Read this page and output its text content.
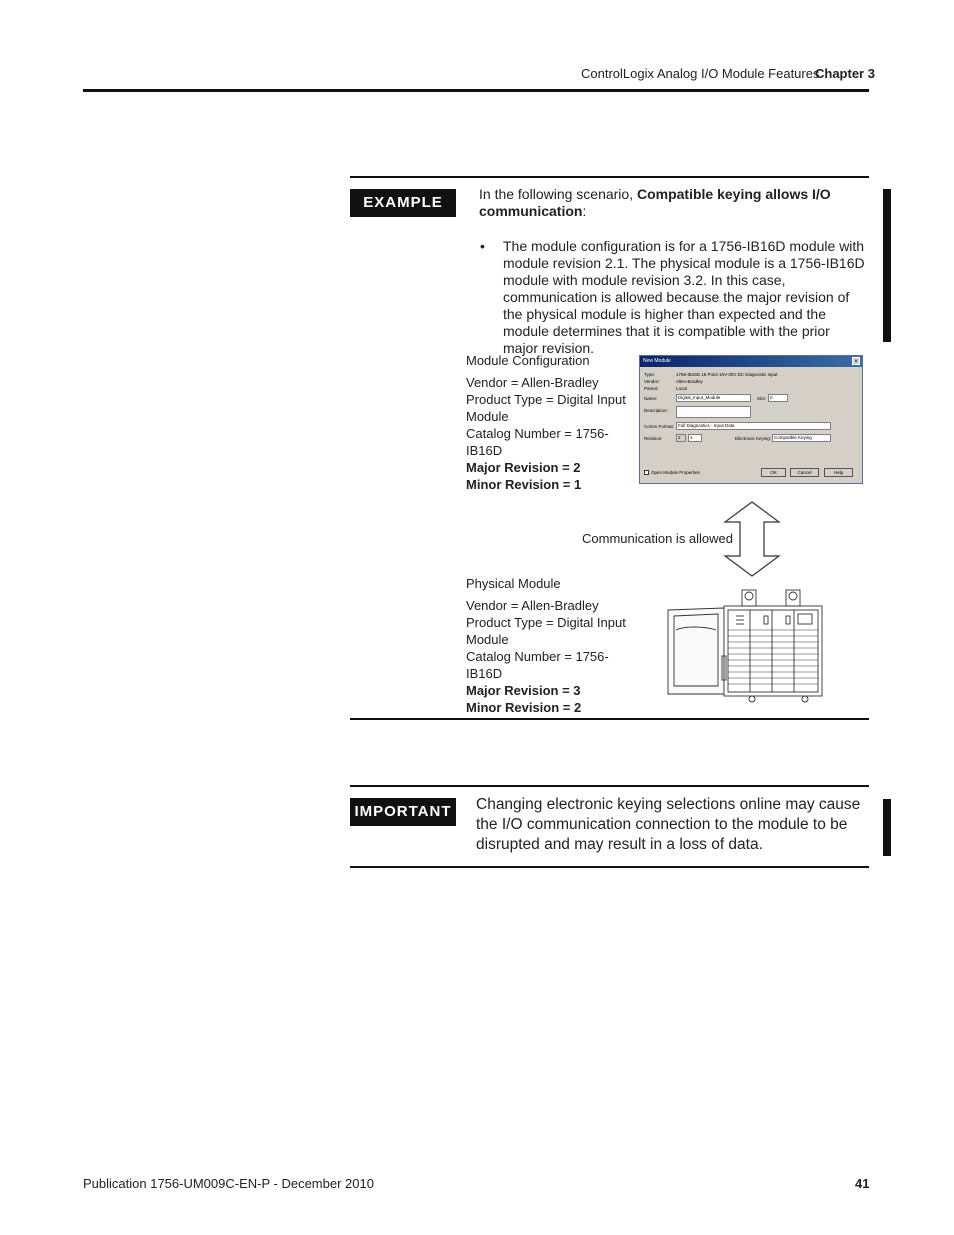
ControlLogix Analog I/O Module Features
Chapter 3
EXAMPLE	In the following scenario, Compatible keying allows I/O communication:
• The module configuration is for a 1756-IB16D module with module revision 2.1. The physical module is a 1756-IB16D module with module revision 3.2. In this case, communication is allowed because the major revision of the physical module is higher than expected and the module determines that it is compatible with the prior major revision.
Module Configuration
Vendor = Allen-Bradley
Product Type = Digital Input
Module
Catalog Number = 1756-IB16D
Major Revision = 2
Minor Revision = 1
New Module	×
Type:	1756-IB16D 16 Point 10V-30V DC Diagnostic Input
Vendor:	Allen-Bradley
Parent:	Local
Name:	Digital_Input_Module	Slot: 0
Description:
Comm Format: Full Diagnostics - Input Data
Revision:	2	1	Electronic Keying: Compatible Keying
Open Module Properties	OK	Cancel	Help
Communication is allowed
Physical Module
Vendor = Allen-Bradley
Product Type = Digital Input
Module
Catalog Number = 1756-IB16D
Major Revision = 3
Minor Revision = 2
IMPORTANT Changing electronic keying selections online may cause the I/O communication connection to the module to be disrupted and may result in a loss of data.
Publication 1756-UM009C-EN-P - December 2010	41
